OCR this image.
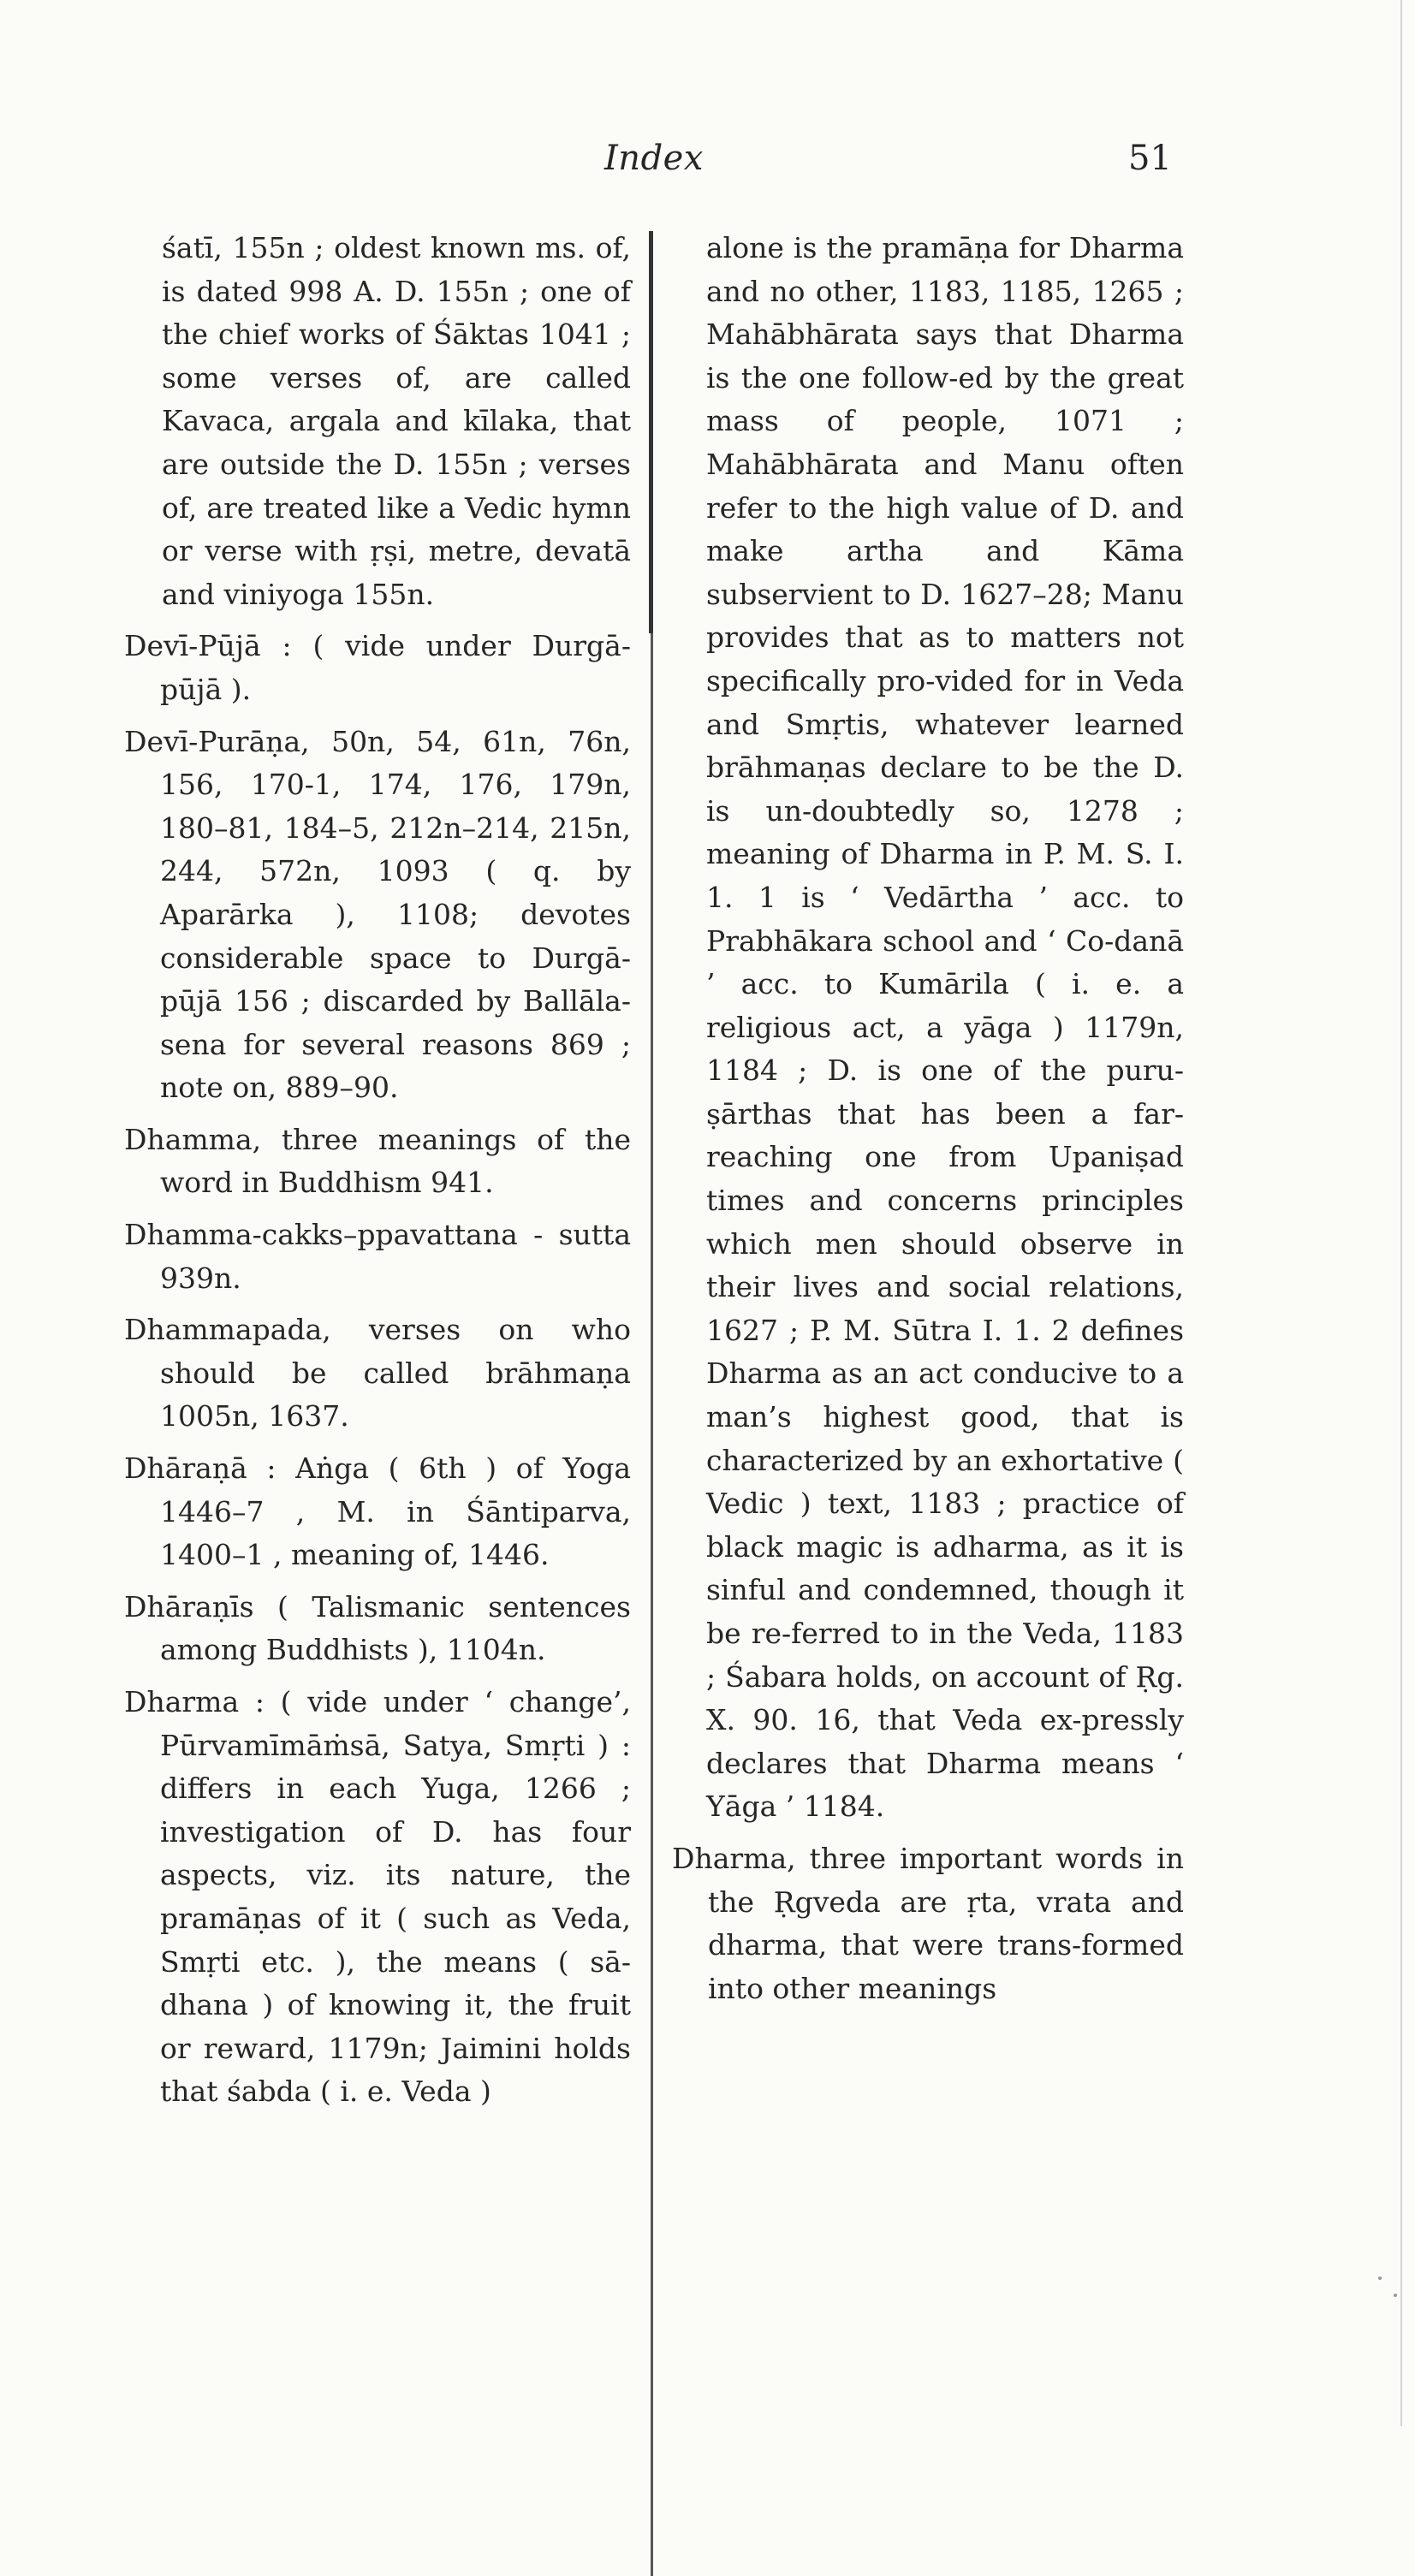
Index	51

śatī, 155n ; oldest known ms. of, is dated 998 A. D. 155n ; one of the chief works of Śāktas 1041 ; some verses of, are called Kavaca, argala and kīlaka, that are outside the D. 155n ; verses of, are treated like a Vedic hymn or verse with ṛṣi, metre, devatā and viniyoga 155n.

Devī-Pūjā : ( vide under Durgā-pūjā ).

Devī-Purāṇa, 50n, 54, 61n, 76n, 156, 170-1, 174, 176, 179n, 180–81, 184–5, 212n–214, 215n, 244, 572n, 1093 ( q. by Aparārka ), 1108; devotes considerable space to Durgā-pūjā 156 ; discarded by Ballāla-sena for several reasons 869 ; note on, 889–90.

Dhamma, three meanings of the word in Buddhism 941.

Dhamma-cakks–ppavattana - sutta 939n.

Dhammapada, verses on who should be called brāhmaṇa 1005n, 1637.

Dhāraṇā : Aṅga ( 6th ) of Yoga 1446–7 , M. in Śāntiparva, 1400–1 , meaning of, 1446.

Dhāraṇīs ( Talismanic sentences among Buddhists ), 1104n.

Dharma : ( vide under ‘ change’, Pūrvamīmāṁsā, Satya, Smṛti ) : differs in each Yuga, 1266 ; investigation of D. has four aspects, viz. its nature, the pramāṇas of it ( such as Veda, Smṛti etc. ), the means ( sā-dhana ) of knowing it, the fruit or reward, 1179n; Jaimini holds that śabda ( i. e. Veda )

alone is the pramāṇa for Dharma and no other, 1183, 1185, 1265 ; Mahābhārata says that Dharma is the one follow-ed by the great mass of people, 1071 ; Mahābhārata and Manu often refer to the high value of D. and make artha and Kāma subservient to D. 1627–28; Manu provides that as to matters not specifically pro-vided for in Veda and Smṛtis, whatever learned brāhmaṇas declare to be the D. is un-doubtedly so, 1278 ; meaning of Dharma in P. M. S. I. 1. 1 is ‘ Vedārtha ’ acc. to Prabhākara school and ‘ Co-danā ’ acc. to Kumārila ( i. e. a religious act, a yāga ) 1179n, 1184 ; D. is one of the puru-ṣārthas that has been a far-reaching one from Upaniṣad times and concerns principles which men should observe in their lives and social relations, 1627 ; P. M. Sūtra I. 1. 2 defines Dharma as an act conducive to a man’s highest good, that is characterized by an exhortative ( Vedic ) text, 1183 ; practice of black magic is adharma, as it is sinful and condemned, though it be re-ferred to in the Veda, 1183 ; Śabara holds, on account of Ṛg. X. 90. 16, that Veda ex-pressly declares that Dharma means ‘ Yāga ’ 1184.

Dharma, three important words in the Ṛgveda are ṛta, vrata and dharma, that were trans-formed into other meanings
